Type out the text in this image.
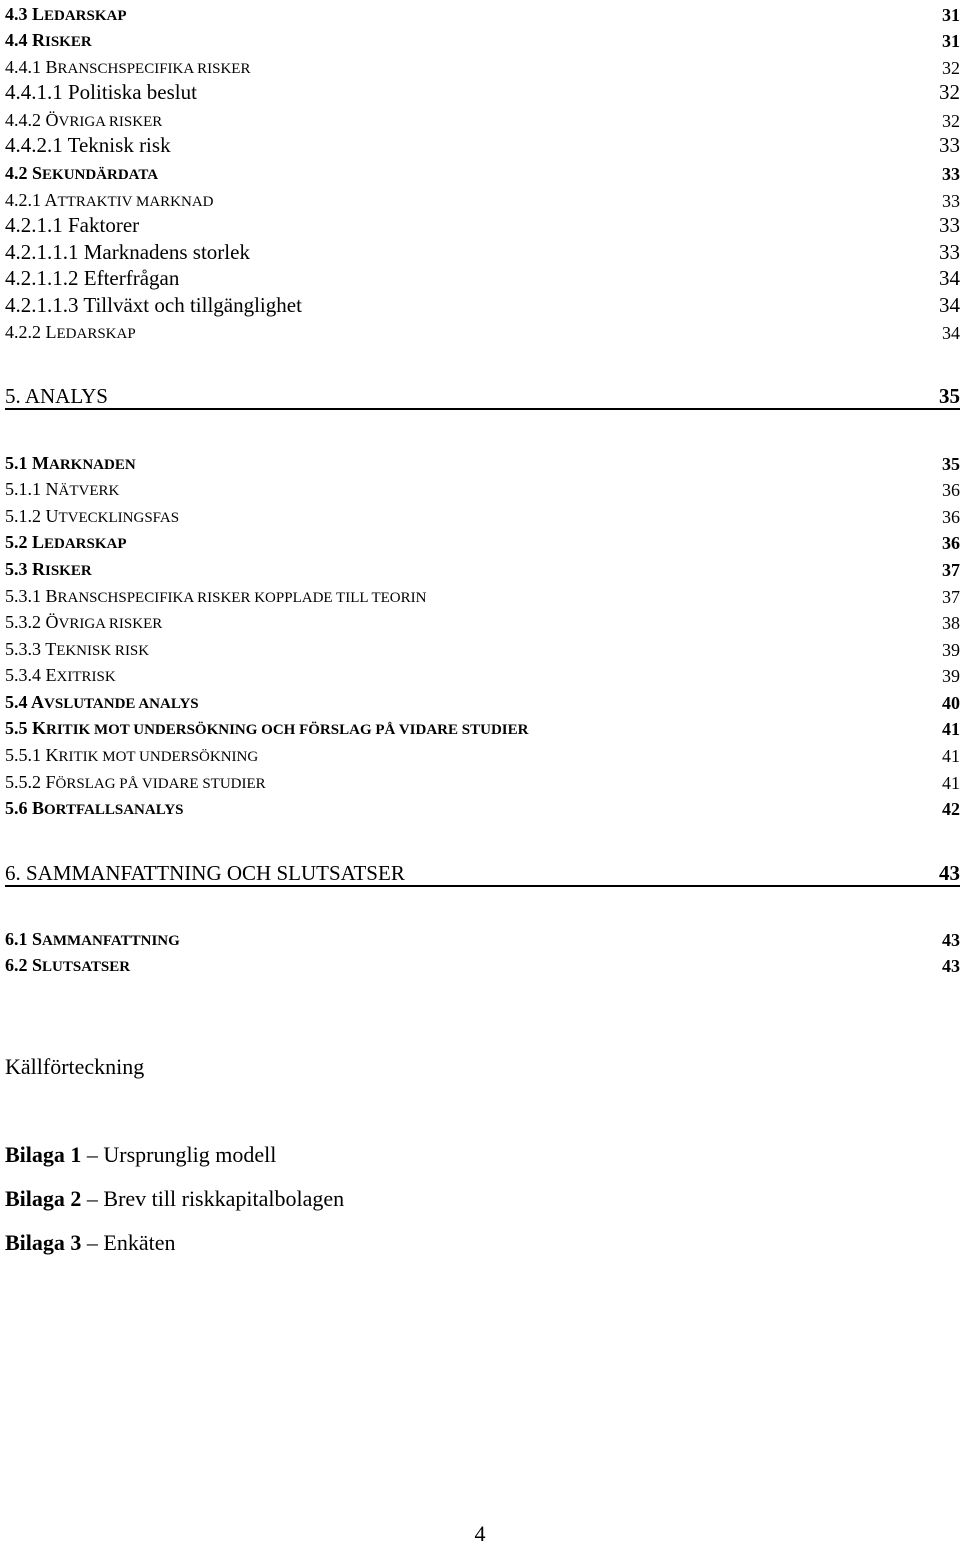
4.3 LEDARSKAP	31
4.4 RISKER	31
4.4.1 BRANSCHSPECIFIKA RISKER	32
4.4.1.1 Politiska beslut	32
4.4.2 ÖVRIGA RISKER	32
4.4.2.1 Teknisk risk	33
4.2 SEKUNDÄRDATA	33
4.2.1 ATTRAKTIV MARKNAD	33
4.2.1.1 Faktorer	33
4.2.1.1.1 Marknadens storlek	33
4.2.1.1.2 Efterfrågan	34
4.2.1.1.3 Tillväxt och tillgänglighet	34
4.2.2 LEDARSKAP	34
5. ANALYS	35
5.1 MARKNADEN	35
5.1.1 NÄTVERK	36
5.1.2 UTVECKLINGSFAS	36
5.2 LEDARSKAP	36
5.3 RISKER	37
5.3.1 BRANSCHSPECIFIKA RISKER KOPPLADE TILL TEORIN	37
5.3.2 ÖVRIGA RISKER	38
5.3.3 TEKNISK RISK	39
5.3.4 EXITRISK	39
5.4 AVSLUTANDE ANALYS	40
5.5 KRITIK MOT UNDERSÖKNING OCH FÖRSLAG PÅ VIDARE STUDIER	41
5.5.1 KRITIK MOT UNDERSÖKNING	41
5.5.2 FÖRSLAG PÅ VIDARE STUDIER	41
5.6 BORTFALLSANALYS	42
6. SAMMANFATTNING OCH SLUTSATSER	43
6.1 SAMMANFATTNING	43
6.2 SLUTSATSER	43
Källförteckning
Bilaga 1 – Ursprunglig modell
Bilaga 2 – Brev till riskkapitalbolagen
Bilaga 3 – Enkäten
4
